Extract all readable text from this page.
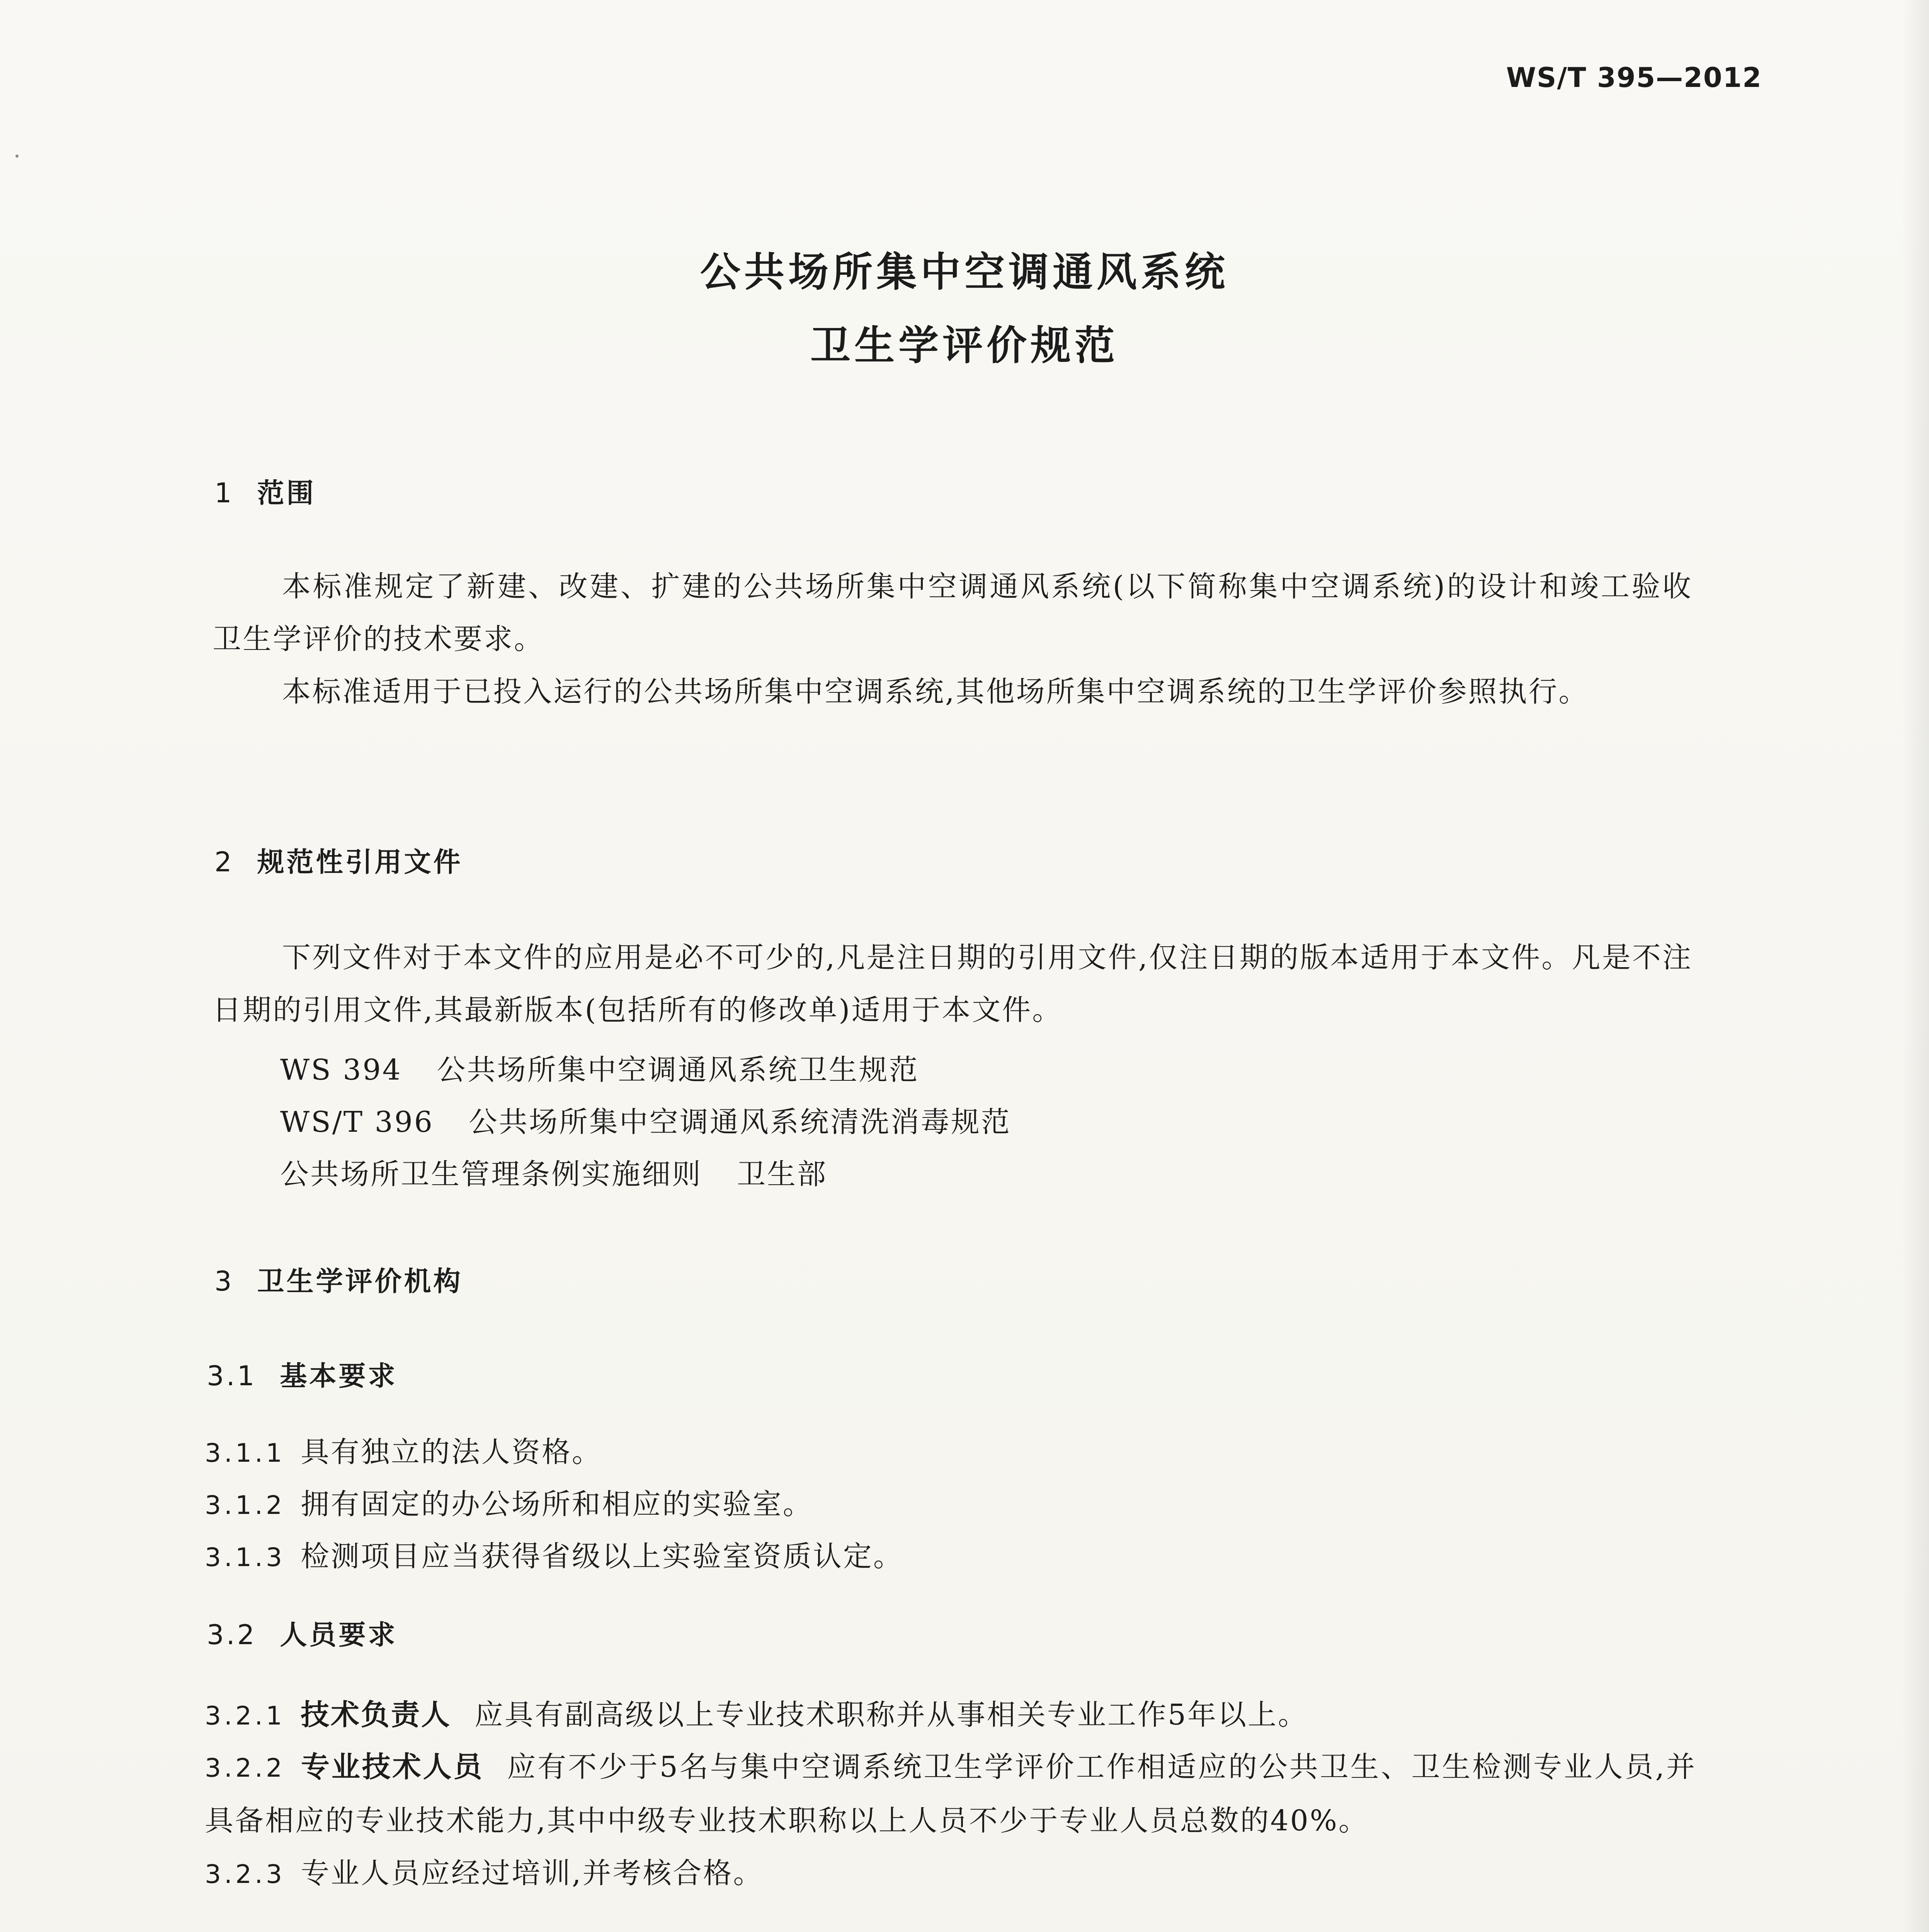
WS/T 395—2012
公共场所集中空调通风系统
卫生学评价规范
1 范围
本标准规定了新建、改建、扩建的公共场所集中空调通风系统(以下简称集中空调系统)的设计和竣工验收卫生学评价的技术要求。
本标准适用于已投入运行的公共场所集中空调系统,其他场所集中空调系统的卫生学评价参照执行。
2 规范性引用文件
下列文件对于本文件的应用是必不可少的,凡是注日期的引用文件,仅注日期的版本适用于本文件。凡是不注日期的引用文件,其最新版本(包括所有的修改单)适用于本文件。
WS 394 公共场所集中空调通风系统卫生规范
WS/T 396 公共场所集中空调通风系统清洗消毒规范
公共场所卫生管理条例实施细则 卫生部
3 卫生学评价机构
3.1 基本要求
3.1.1 具有独立的法人资格。
3.1.2 拥有固定的办公场所和相应的实验室。
3.1.3 检测项目应当获得省级以上实验室资质认定。
3.2 人员要求
3.2.1 技术负责人 应具有副高级以上专业技术职称并从事相关专业工作5年以上。
3.2.2 专业技术人员 应有不少于5名与集中空调系统卫生学评价工作相适应的公共卫生、卫生检测专业人员,并具备相应的专业技术能力,其中中级专业技术职称以上人员不少于专业人员总数的40%。
3.2.3 专业人员应经过培训,并考核合格。
